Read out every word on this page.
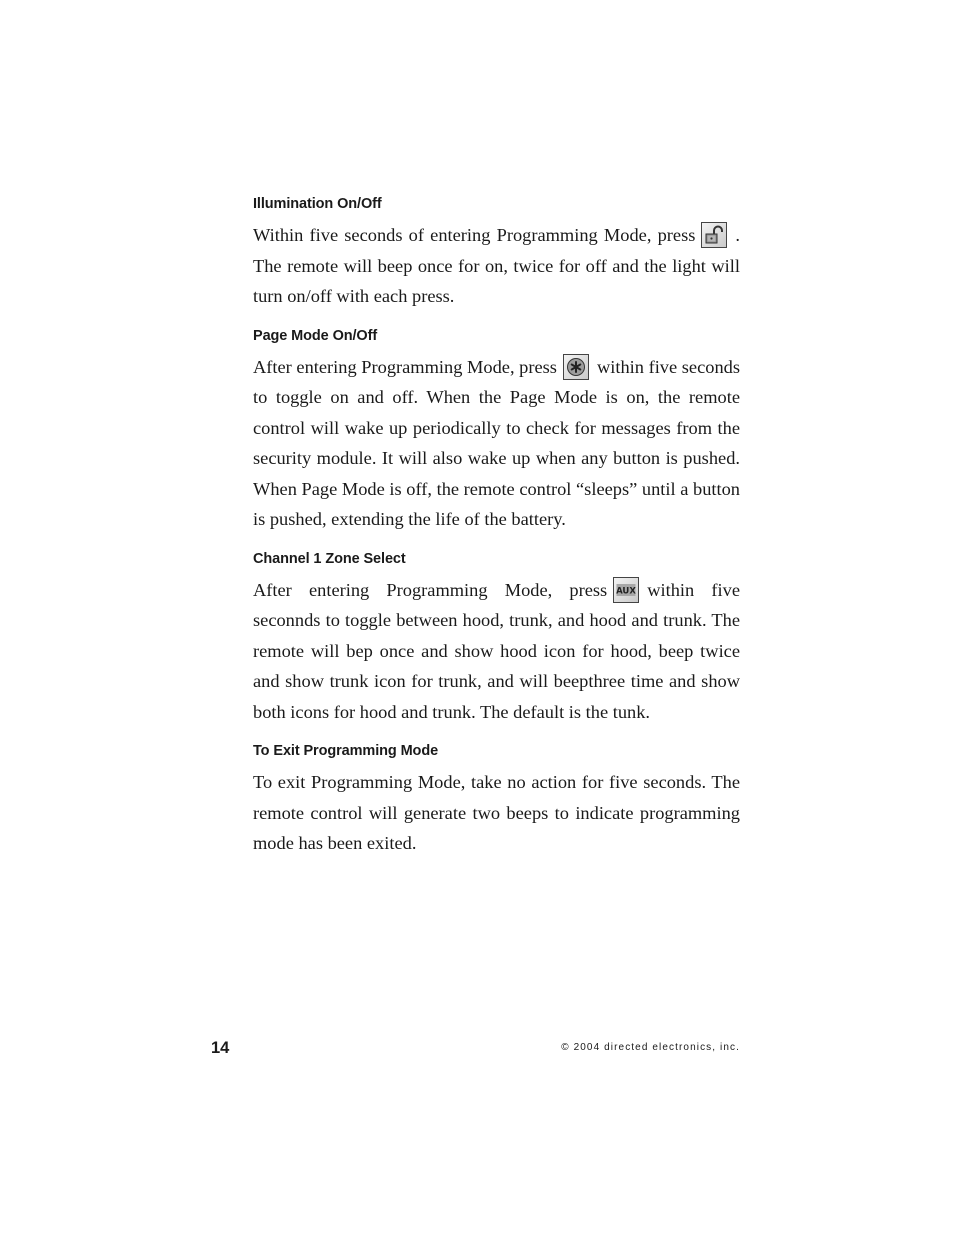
Illumination On/Off

Within five seconds of entering Programming Mode, press . The remote will beep once for on, twice for off and the light will turn on/off with each press.

Page Mode On/Off

After entering Programming Mode, press within five seconds to toggle on and off. When the Page Mode is on, the remote control will wake up periodically to check for messages from the security module. It will also wake up when any button is pushed. When Page Mode is off, the remote control “sleeps” until a button is pushed, extending the life of the battery.

Channel 1 Zone Select

After entering Programming Mode, press AUX within five seconnds to toggle between hood, trunk, and hood and trunk. The remote will bep once and show hood icon for hood, beep twice and show trunk icon for trunk, and will beepthree time and show both icons for hood and trunk. The default is the tunk.

To Exit Programming Mode

To exit Programming Mode, take no action for five seconds. The remote control will generate two beeps to indicate programming mode has been exited.

14	© 2004 directed electronics, inc.
